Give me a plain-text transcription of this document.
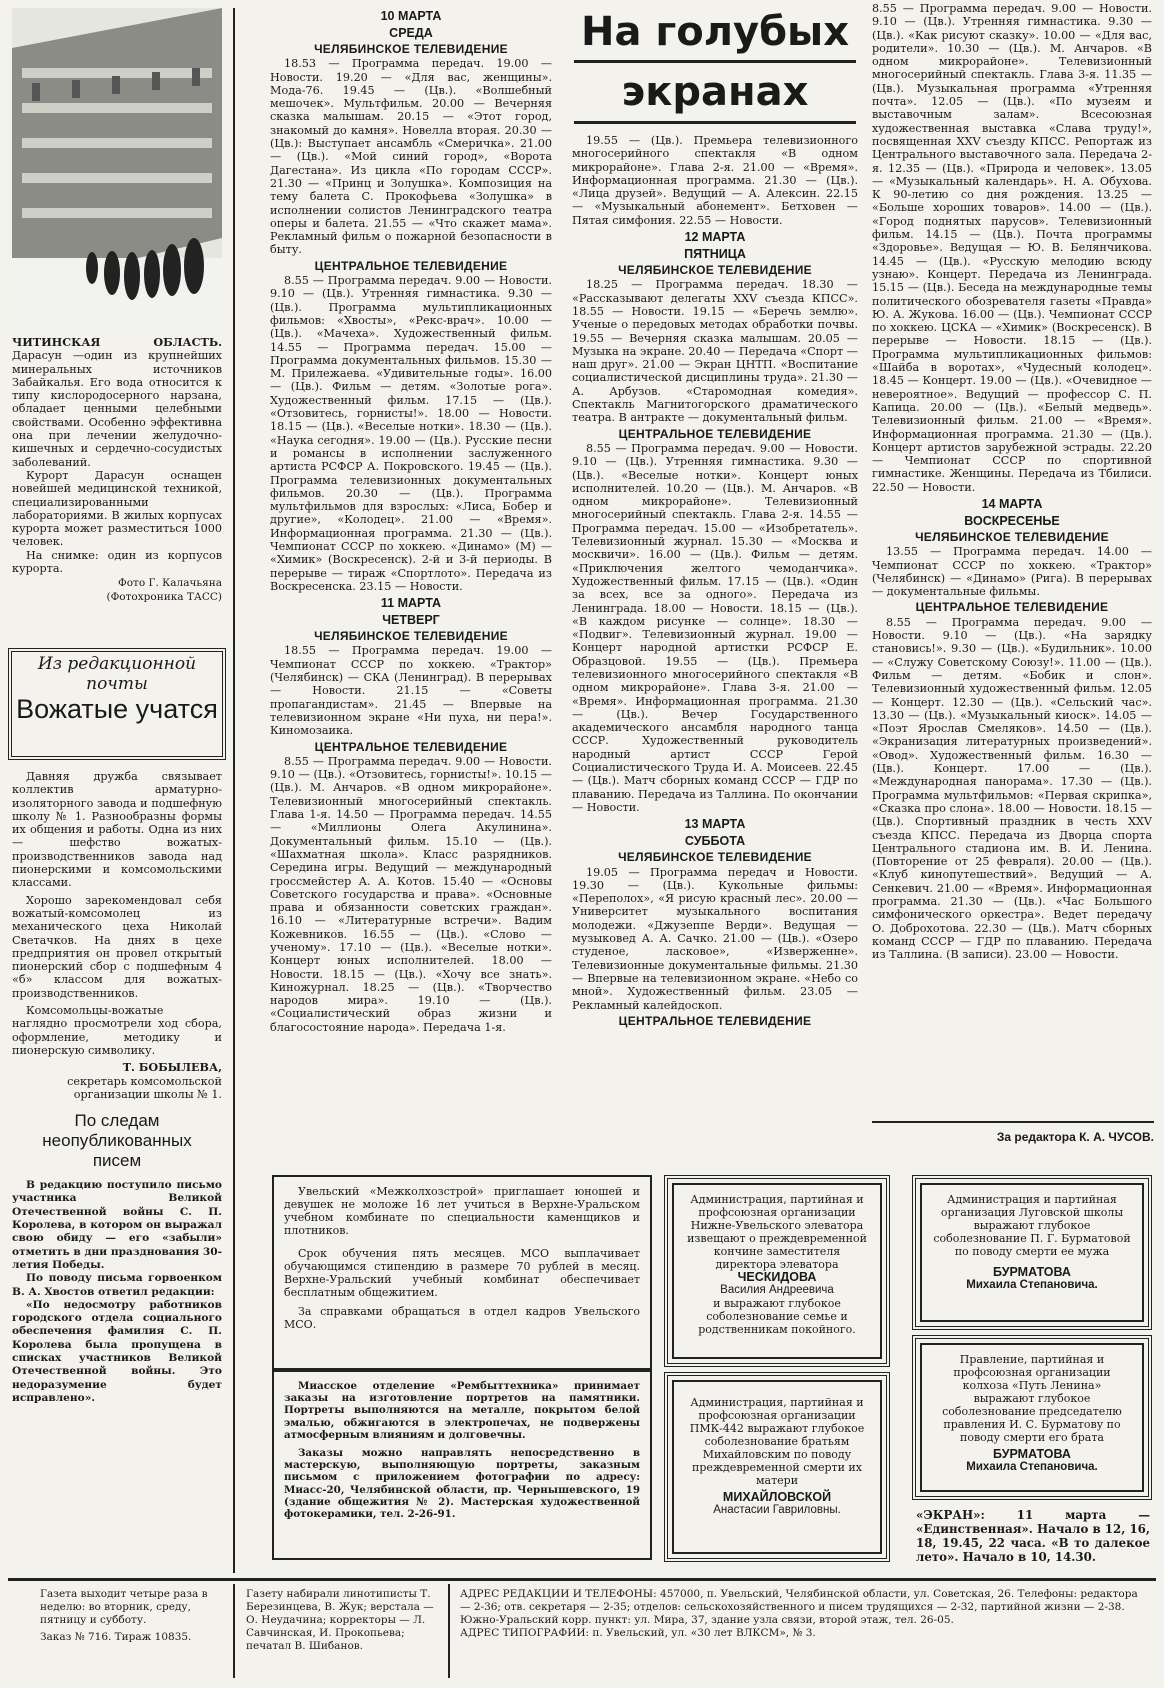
ЧИТИНСКАЯ ОБЛАСТЬ. Дарасун —один из крупнейших минеральных источников Забайкалья. Его вода относится к типу кислородосерного нарзана, обладает ценными целебными свойствами. Особенно эффективна она при лечении желудочно-кишечных и сердечно-сосудистых заболеваний.

Курорт Дарасун оснащен новейшей медицинской техникой, специализированными лабораториями. В жилых корпусах курорта может разместиться 1000 человек.

На снимке: один из корпусов курорта.

Фото Г. Калачьяна
(Фотохроника ТАСС)
Из редакционной почты
Вожатые учатся

Давняя дружба связывает коллектив арматурно-изоляторного завода и подшефную школу № 1. Разнообразны формы их общения и работы. Одна из них — шефство вожатых-производственников завода над пионерскими и комсомольскими классами.

Хорошо зарекомендовал себя вожатый-комсомолец из механического цеха Николай Светачков. На днях в цехе предприятия он провел открытый пионерский сбор с подшефным 4 «б» классом для вожатых-производственников.

Комсомольцы-вожатые наглядно просмотрели ход сбора, оформление, методику и пионерскую символику.

Т. БОБЫЛЕВА,
секретарь комсомольской организации школы № 1.
По следам неопубликованных писем

В редакцию поступило письмо участника Великой Отечественной войны С. П. Королева, в котором он выражал свою обиду — его «забыли» отметить в дни празднования 30-летия Победы.

По поводу письма горвоенком В. А. Хвостов ответил редакции:

«По недосмотру работников городского отдела социального обеспечения фамилия С. П. Королева была пропущена в списках участников Великой Отечественной войны. Это недоразумение будет исправлено».

На голубых
экранах
10 МАРТА
СРЕДА
ЧЕЛЯБИНСКОЕ ТЕЛЕВИДЕНИЕ

18.53 — Программа передач. 19.00 — Новости. 19.20 — «Для вас, женщины». Мода-76. 19.45 — (Цв.). «Волшебный мешочек». Мультфильм. 20.00 — Вечерняя сказка малышам. 20.15 — «Этот город, знакомый до камня». Новелла вторая. 20.30 — (Цв.): Выступает ансамбль «Смеричка». 21.00 — (Цв.). «Мой синий город», «Ворота Дагестана». Из цикла «По городам СССР». 21.30 — «Принц и Золушка». Композиция на тему балета С. Прокофьева «Золушка» в исполнении солистов Ленинградского театра оперы и балета. 21.55 — «Что скажет мама». Рекламный фильм о пожарной безопасности в быту.

ЦЕНТРАЛЬНОЕ ТЕЛЕВИДЕНИЕ

8.55 — Программа передач. 9.00 — Новости. 9.10 — (Цв.). Утренняя гимнастика. 9.30 — (Цв.). Программа мультипликационных фильмов: «Хвосты», «Рекс-врач». 10.00 — (Цв.). «Мачеха». Художественный фильм. 14.55 — Программа передач. 15.00 — Программа документальных фильмов. 15.30 — М. Прилежаева. «Удивительные годы». 16.00 — (Цв.). Фильм — детям. «Золотые рога». Художественный фильм. 17.15 — (Цв.). «Отзовитесь, горнисты!». 18.00 — Новости. 18.15 — (Цв.). «Веселые нотки». 18.30 — (Цв.). «Наука сегодня». 19.00 — (Цв.). Русские песни и романсы в исполнении заслуженного артиста РСФСР А. Покровского. 19.45 — (Цв.). Программа телевизионных документальных фильмов. 20.30 — (Цв.). Программа мультфильмов для взрослых: «Лиса, Бобер и другие», «Колодец». 21.00 — «Время». Информационная программа. 21.30 — (Цв.). Чемпионат СССР по хоккею. «Динамо» (М) — «Химик» (Воскресенск). 2-й и 3-й периоды. В перерыве — тираж «Спортлото». Передача из Воскресенска. 23.15 — Новости.

11 МАРТА
ЧЕТВЕРГ
ЧЕЛЯБИНСКОЕ ТЕЛЕВИДЕНИЕ

18.55 — Программа передач. 19.00 — Чемпионат СССР по хоккею. «Трактор» (Челябинск) — СКА (Ленинград). В перерывах — Новости. 21.15 — «Советы пропагандистам». 21.45 — Впервые на телевизионном экране «Ни пуха, ни пера!». Киномозаика.

ЦЕНТРАЛЬНОЕ ТЕЛЕВИДЕНИЕ

8.55 — Программа передач. 9.00 — Новости. 9.10 — (Цв.). «Отзовитесь, горнисты!». 10.15 — (Цв.). М. Анчаров. «В одном микрорайоне». Телевизионный многосерийный спектакль. Глава 1-я. 14.50 — Программа передач. 14.55 — «Миллионы Олега Акулинина». Документальный фильм. 15.10 — (Цв.). «Шахматная школа». Класс разрядников. Середина игры. Ведущий — международный гроссмейстер А. А. Котов. 15.40 — «Основы Советского государства и права». «Основные права и обязанности советских граждан». 16.10 — «Литературные встречи». Вадим Кожевников. 16.55 — (Цв.). «Слово — ученому». 17.10 — (Цв.). «Веселые нотки». Концерт юных исполнителей. 18.00 — Новости. 18.15 — (Цв.). «Хочу все знать». Киножурнал. 18.25 — (Цв.). «Творчество народов мира». 19.10 — (Цв.). «Социалистический образ жизни и благосостояние народа». Передача 1-я.

19.55 — (Цв.). Премьера телевизионного многосерийного спектакля «В одном микрорайоне». Глава 2-я. 21.00 — «Время». Информационная программа. 21.30 — (Цв.). «Лица друзей». Ведущий — А. Алексин. 22.15 — «Музыкальный абонемент». Бетховен — Пятая симфония. 22.55 — Новости.

12 МАРТА
ПЯТНИЦА
ЧЕЛЯБИНСКОЕ ТЕЛЕВИДЕНИЕ

18.25 — Программа передач. 18.30 — «Рассказывают делегаты XXV съезда КПСС». 18.55 — Новости. 19.15 — «Беречь землю». Ученые о передовых методах обработки почвы. 19.55 — Вечерняя сказка малышам. 20.05 — Музыка на экране. 20.40 — Передача «Спорт — наш друг». 21.00 — Экран ЦНТП. «Воспитание социалистической дисциплины труда». 21.30 — А. Арбузов. «Старомодная комедия». Спектакль Магнитогорского драматического театра. В антракте — документальный фильм.

ЦЕНТРАЛЬНОЕ ТЕЛЕВИДЕНИЕ

8.55 — Программа передач. 9.00 — Новости. 9.10 — (Цв.). Утренняя гимнастика. 9.30 — (Цв.). «Веселые нотки». Концерт юных исполнителей. 10.20 — (Цв.). М. Анчаров. «В одном микрорайоне». Телевизионный многосерийный спектакль. Глава 2-я. 14.55 — Программа передач. 15.00 — «Изобретатель». Телевизионный журнал. 15.30 — «Москва и москвичи». 16.00 — (Цв.). Фильм — детям. «Приключения желтого чемоданчика». Художественный фильм. 17.15 — (Цв.). «Один за всех, все за одного». Передача из Ленинграда. 18.00 — Новости. 18.15 — (Цв.). «В каждом рисунке — солнце». 18.30 — «Подвиг». Телевизионный журнал. 19.00 — Концерт народной артистки РСФСР Е. Образцовой. 19.55 — (Цв.). Премьера телевизионного многосерийного спектакля «В одном микрорайоне». Глава 3-я. 21.00 — «Время». Информационная программа. 21.30 — (Цв.). Вечер Государственного академического ансамбля народного танца СССР. Художественный руководитель народный артист СССР Герой Социалистического Труда И. А. Моисеев. 22.45 — (Цв.). Матч сборных команд СССР — ГДР по плаванию. Передача из Таллина. По окончании — Новости.

13 МАРТА
СУББОТА
ЧЕЛЯБИНСКОЕ ТЕЛЕВИДЕНИЕ

19.05 — Программа передач и Новости. 19.30 — (Цв.). Кукольные фильмы: «Переполох», «Я рисую красный лес». 20.00 — Университет музыкального воспитания молодежи. «Джузеппе Верди». Ведущая — музыковед А. А. Сачко. 21.00 — (Цв.). «Озеро студеное, ласковое», «Изверженне». Телевизионные документальные фильмы. 21.30 — Впервые на телевизионном экране. «Небо со мной». Художественный фильм. 23.05 — Рекламный калейдоскоп.

ЦЕНТРАЛЬНОЕ ТЕЛЕВИДЕНИЕ

8.55 — Программа передач. 9.00 — Новости. 9.10 — (Цв.). Утренняя гимнастика. 9.30 — (Цв.). «Как рисуют сказку». 10.00 — «Для вас, родители». 10.30 — (Цв.). М. Анчаров. «В одном микрорайоне». Телевизионный многосерийный спектакль. Глава 3-я. 11.35 — (Цв.). Музыкальная программа «Утренняя почта». 12.05 — (Цв.). «По музеям и выставочным залам». Всесоюзная художественная выставка «Слава труду!», посвященная XXV съезду КПСС. Репортаж из Центрального выставочного зала. Передача 2-я. 12.35 — (Цв.). «Природа и человек». 13.05 — «Музыкальный календарь». Н. А. Обухова. К 90-летию со дня рождения. 13.25 — «Больше хороших товаров». 14.00 — (Цв.). «Город поднятых парусов». Телевизионный фильм. 14.15 — (Цв.). Почта программы «Здоровье». Ведущая — Ю. В. Белянчикова. 14.45 — (Цв.). «Русскую мелодию всюду узнаю». Концерт. Передача из Ленинграда. 15.15 — (Цв.). Беседа на международные темы политического обозревателя газеты «Правда» Ю. А. Жукова. 16.00 — (Цв.). Чемпионат СССР по хоккею. ЦСКА — «Химик» (Воскресенск). В перерыве — Новости. 18.15 — (Цв.). Программа мультипликационных фильмов: «Шайба в воротах», «Чудесный колодец». 18.45 — Концерт. 19.00 — (Цв.). «Очевидное — невероятное». Ведущий — профессор С. П. Капица. 20.00 — (Цв.). «Белый медведь». Телевизионный фильм. 21.00 — «Время». Информационная программа. 21.30 — (Цв.). Концерт артистов зарубежной эстрады. 22.20 — Чемпионат СССР по спортивной гимнастике. Женщины. Передача из Тбилиси. 22.50 — Новости.

14 МАРТА
ВОСКРЕСЕНЬЕ
ЧЕЛЯБИНСКОЕ ТЕЛЕВИДЕНИЕ

13.55 — Программа передач. 14.00 — Чемпионат СССР по хоккею. «Трактор» (Челябинск) — «Динамо» (Рига). В перерывах — документальные фильмы.

ЦЕНТРАЛЬНОЕ ТЕЛЕВИДЕНИЕ

8.55 — Программа передач. 9.00 — Новости. 9.10 — (Цв.). «На зарядку становись!». 9.30 — (Цв.). «Будильник». 10.00 — «Служу Советскому Союзу!». 11.00 — (Цв.). Фильм — детям. «Бобик и слон». Телевизионный художественный фильм. 12.05 — Концерт. 12.30 — (Цв.). «Сельский час». 13.30 — (Цв.). «Музыкальный киоск». 14.05 — «Поэт Ярослав Смеляков». 14.50 — (Цв.). «Экранизация литературных произведений». «Овод». Художественный фильм. 16.30 — (Цв.). Концерт. 17.00 — (Цв.). «Международная панорама». 17.30 — (Цв.). Программа мультфильмов: «Первая скрипка», «Сказка про слона». 18.00 — Новости. 18.15 — (Цв.). Спортивный праздник в честь XXV съезда КПСС. Передача из Дворца спорта Центрального стадиона им. В. И. Ленина. (Повторение от 25 февраля). 20.00 — (Цв.). «Клуб кинопутешествий». Ведущий — А. Сенкевич. 21.00 — «Время». Информационная программа. 21.30 — (Цв.). «Час Большого симфонического оркестра». Ведет передачу О. Доброхотова. 22.30 — (Цв.). Матч сборных команд СССР — ГДР по плаванию. Передача из Таллина. (В записи). 23.00 — Новости.

За редактора К. А. ЧУСОВ.

Увельский «Межколхозстрой» приглашает юношей и девушек не моложе 16 лет учиться в Верхне-Уральском учебном комбинате по специальности каменщиков и плотников.

Срок обучения пять месяцев. МСО выплачивает обучающимся стипендию в размере 70 рублей в месяц. Верхне-Уральский учебный комбинат обеспечивает бесплатным общежитием.

За справками обращаться в отдел кадров Увельского МСО.

Миасское отделение «Рембыттехника» принимает заказы на изготовление портретов на памятники. Портреты выполняются на металле, покрытом белой эмалью, обжигаются в электропечах, не подвержены атмосферным влияниям и долговечны.

Заказы можно направлять непосредственно в мастерскую, выполняющую портреты, заказным письмом с приложением фотографии по адресу: Миасс-20, Челябинской области, пр. Чернышевского, 19 (здание общежития № 2). Мастерская художественной фотокерамики, тел. 2-26-91.

Администрация, партийная и профсоюзная организации Нижне-Увельского элеватора извещают о преждевременной кончине заместителя директора элеватора
ЧЕСКИДОВА
Василия Андреевича
и выражают глубокое соболезнование семье и родственникам покойного.
Администрация, партийная и профсоюзная организации ПМК-442 выражают глубокое соболезнование братьям Михайловским по поводу преждевременной смерти их матери
МИХАЙЛОВСКОЙ
Анастасии Гавриловны.
Администрация и партийная организация Луговской школы выражают глубокое соболезнование П. Г. Бурматовой по поводу смерти ее мужа
БУРМАТОВА
Михаила Степановича.
Правление, партийная и профсоюзная организации колхоза «Путь Ленина» выражают глубокое соболезнование председателю правления И. С. Бурматову по поводу смерти его брата
БУРМАТОВА
Михаила Степановича.

«ЭКРАН»: 11 марта — «Единственная». Начало в 12, 16, 18, 19.45, 22 часа. «В то далекое лето». Начало в 10, 14.30.

Газета выходит четыре раза в неделю: во вторник, среду, пятницу и субботу.
Заказ № 716. Тираж 10835.
Газету набирали линотиписты Т. Березинцева, В. Жук; верстала — О. Неудачина; корректоры — Л. Савчинская, И. Прокопьева; печатал В. Шибанов.
АДРЕС РЕДАКЦИИ И ТЕЛЕФОНЫ: 457000, п. Увельский, Челябинской области, ул. Советская, 26. Телефоны: редактора — 2-36; отв. секретаря — 2-35; отделов: сельскохозяйственного и писем трудящихся — 2-32, партийной жизни — 2-38. Южно-Уральский корр. пункт: ул. Мира, 37, здание узла связи, второй этаж, тел. 26-05.
АДРЕС ТИПОГРАФИИ: п. Увельский, ул. «30 лет ВЛКСМ», № 3.
